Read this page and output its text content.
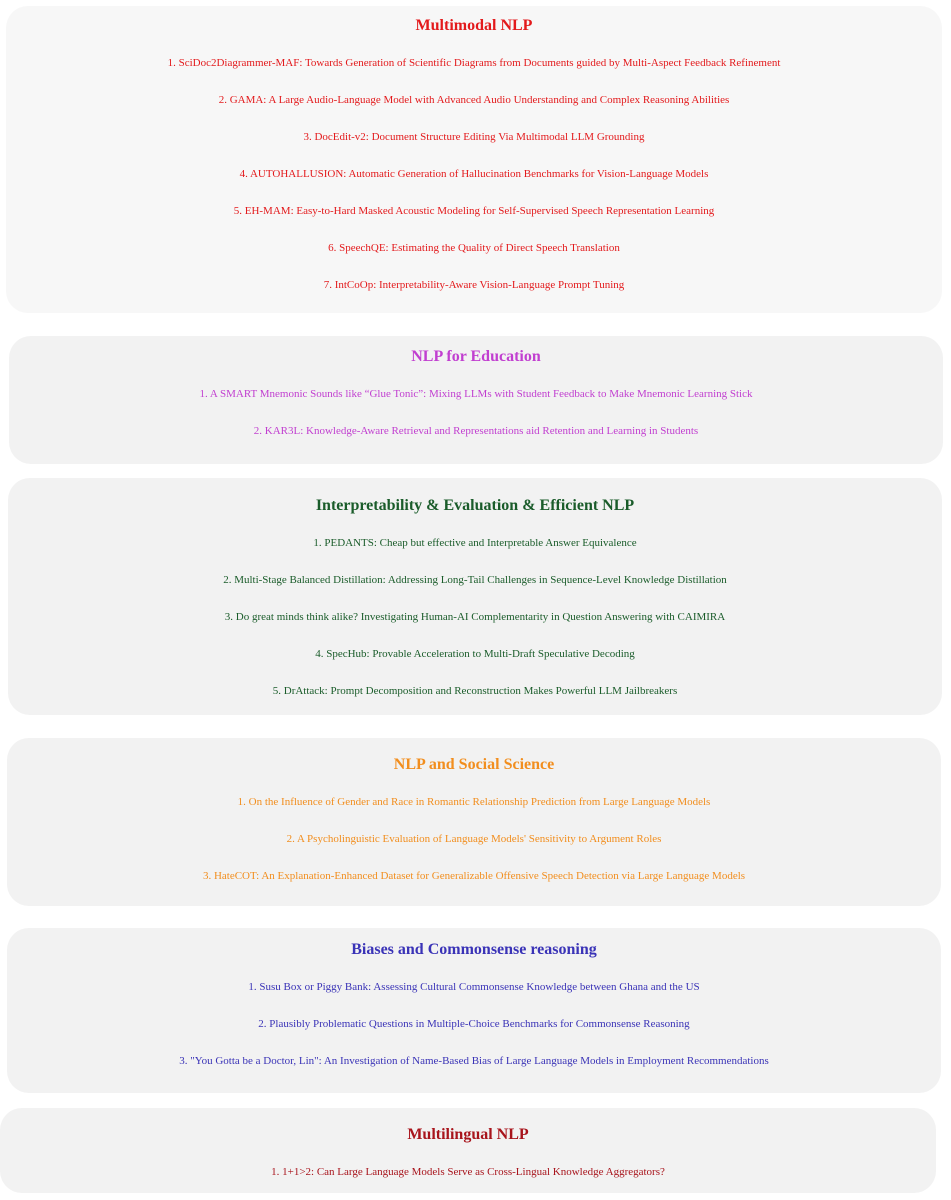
Multimodal NLP
1. SciDoc2Diagrammer-MAF: Towards Generation of Scientific Diagrams from Documents guided by Multi-Aspect Feedback Refinement
2. GAMA: A Large Audio-Language Model with Advanced Audio Understanding and Complex Reasoning Abilities
3. DocEdit-v2: Document Structure Editing Via Multimodal LLM Grounding
4. AUTOHALLUSION: Automatic Generation of Hallucination Benchmarks for Vision-Language Models
5. EH-MAM: Easy-to-Hard Masked Acoustic Modeling for Self-Supervised Speech Representation Learning
6. SpeechQE: Estimating the Quality of Direct Speech Translation
7. IntCoOp: Interpretability-Aware Vision-Language Prompt Tuning
NLP for Education
1. A SMART Mnemonic Sounds like “Glue Tonic”: Mixing LLMs with Student Feedback to Make Mnemonic Learning Stick
2. KAR3L: Knowledge-Aware Retrieval and Representations aid Retention and Learning in Students
Interpretability & Evaluation & Efficient NLP
1. PEDANTS: Cheap but effective and Interpretable Answer Equivalence
2. Multi-Stage Balanced Distillation: Addressing Long-Tail Challenges in Sequence-Level Knowledge Distillation
3. Do great minds think alike? Investigating Human-AI Complementarity in Question Answering with CAIMIRA
4. SpecHub: Provable Acceleration to Multi-Draft Speculative Decoding
5. DrAttack: Prompt Decomposition and Reconstruction Makes Powerful LLM Jailbreakers
NLP and Social Science
1. On the Influence of Gender and Race in Romantic Relationship Prediction from Large Language Models
2. A Psycholinguistic Evaluation of Language Models' Sensitivity to Argument Roles
3. HateCOT: An Explanation-Enhanced Dataset for Generalizable Offensive Speech Detection via Large Language Models
Biases and Commonsense reasoning
1. Susu Box or Piggy Bank: Assessing Cultural Commonsense Knowledge between Ghana and the US
2. Plausibly Problematic Questions in Multiple-Choice Benchmarks for Commonsense Reasoning
3. "You Gotta be a Doctor, Lin": An Investigation of Name-Based Bias of Large Language Models in Employment Recommendations
Multilingual NLP
1. 1+1>2: Can Large Language Models Serve as Cross-Lingual Knowledge Aggregators?
